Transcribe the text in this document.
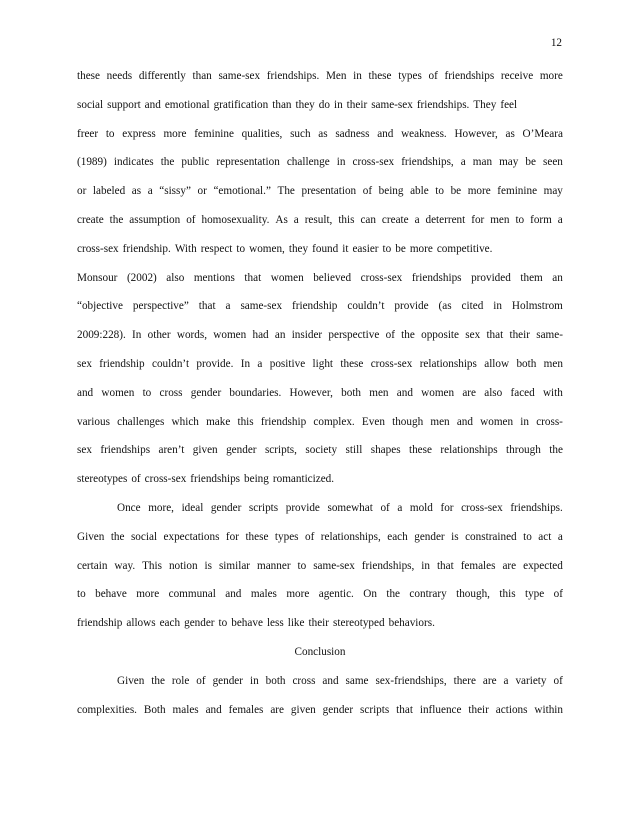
12
these needs differently than same-sex friendships. Men in these types of friendships receive more
social support and emotional gratification than they do in their same-sex friendships. They feel
freer to express more feminine qualities, such as sadness and weakness. However, as O’Meara
(1989) indicates the public representation challenge in cross-sex friendships, a man may be seen
or labeled as a “sissy” or “emotional.” The presentation of being able to be more feminine may
create the assumption of homosexuality. As a result, this can create a deterrent for men to form a
cross-sex friendship. With respect to women, they found it easier to be more competitive.
Monsour (2002) also mentions that women believed cross-sex friendships provided them an
“objective perspective” that a same-sex friendship couldn’t provide (as cited in Holmstrom
2009:228). In other words, women had an insider perspective of the opposite sex that their same-
sex friendship couldn’t provide. In a positive light these cross-sex relationships allow both men
and women to cross gender boundaries. However, both men and women are also faced with
various challenges which make this friendship complex. Even though men and women in cross-
sex friendships aren’t given gender scripts, society still shapes these relationships through the
stereotypes of cross-sex friendships being romanticized.
Once more, ideal gender scripts provide somewhat of a mold for cross-sex friendships.
Given the social expectations for these types of relationships, each gender is constrained to act a
certain way. This notion is similar manner to same-sex friendships, in that females are expected
to behave more communal and males more agentic. On the contrary though, this type of
friendship allows each gender to behave less like their stereotyped behaviors.
Conclusion
Given the role of gender in both cross and same sex-friendships, there are a variety of
complexities. Both males and females are given gender scripts that influence their actions within
